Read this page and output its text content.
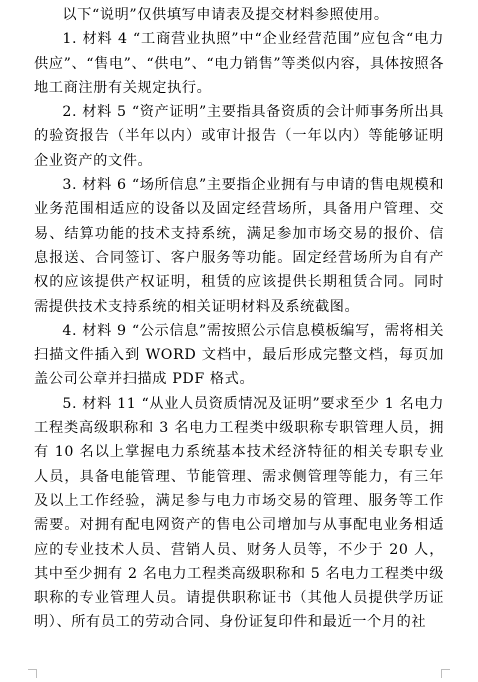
以下“说明”仅供填写申请表及提交材料参照使用。

1. 材料 4 “工商营业执照”中“企业经营范围”应包含“电力供应”、“售电”、“供电”、“电力销售”等类似内容，具体按照各地工商注册有关规定执行。

2. 材料 5 “资产证明”主要指具备资质的会计师事务所出具的验资报告（半年以内）或审计报告（一年以内）等能够证明企业资产的文件。

3. 材料 6 “场所信息”主要指企业拥有与申请的售电规模和业务范围相适应的设备以及固定经营场所，具备用户管理、交易、结算功能的技术支持系统，满足参加市场交易的报价、信息报送、合同签订、客户服务等功能。固定经营场所为自有产权的应该提供产权证明，租赁的应该提供长期租赁合同。同时需提供技术支持系统的相关证明材料及系统截图。

4. 材料 9 “公示信息”需按照公示信息模板编写，需将相关扫描文件插入到 WORD 文档中，最后形成完整文档，每页加盖公司公章并扫描成 PDF 格式。

5. 材料 11 “从业人员资质情况及证明”要求至少 1 名电力工程类高级职称和 3 名电力工程类中级职称专职管理人员，拥有 10 名以上掌握电力系统基本技术经济特征的相关专职专业人员，具备电能管理、节能管理、需求侧管理等能力，有三年及以上工作经验，满足参与电力市场交易的管理、服务等工作需要。对拥有配电网资产的售电公司增加与从事配电业务相适应的专业技术人员、营销人员、财务人员等，不少于 20 人，其中至少拥有 2 名电力工程类高级职称和 5 名电力工程类中级职称的专业管理人员。请提供职称证书（其他人员提供学历证明）、所有员工的劳动合同、身份证复印件和最近一个月的社
